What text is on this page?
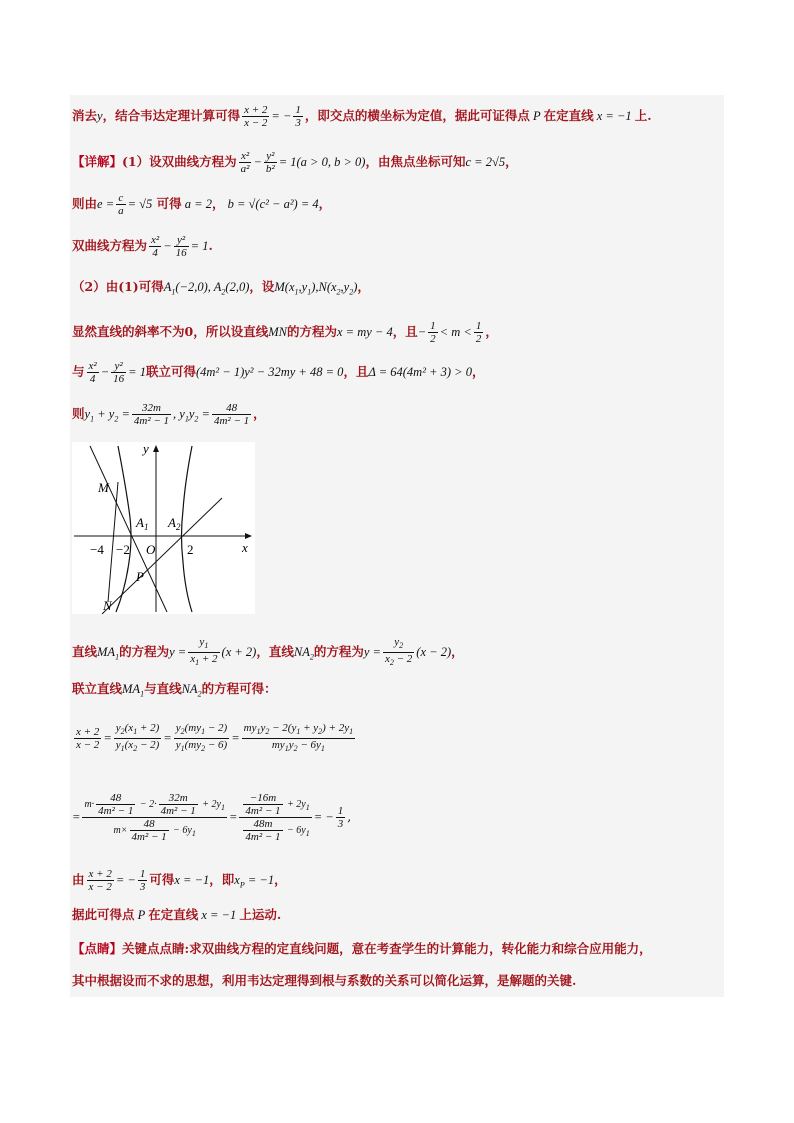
消去y，结合韦达定理计算可得 $\frac{x + 2}{x - 2}$ = − $\frac{1}{3}$ ，即交点的横坐标为定值，据此可证得点 P 在定直线 x = −1 上.
【详解】(1）设双曲线方程为 $\frac{\text{x²}}{\text{a²}} - \frac{\text{y²}}{\text{b²}} = 1(a > 0$, b > 0)，由焦点坐标可知c = 2√5，
则由$e = \frac{c}{a} = √5$ 可得 a = 2， b = √(c² − a²) = 4，
双曲线方程为 $\frac{\text{x²}}{4} - \frac{\text{y²}}{16} = 1$.
（2）由(1)可得$A_1(-2,0)$, $A_2(2,0)$，设$M(x_1,y_1),N(x_2,y_2)$，
显然直线的斜率不为0，所以设直线MN的方程为x = my − 4，且− $\frac{1}{2} < m < \frac{1}{2}$ ，
与 $\frac{\text{x²}}{4} - \frac{\text{y²}}{16} = 1$联立可得(4m² − 1)y² − 32my + 48 = 0，且Δ = 64(4m² + 3) > 0，
则$y_1 + y_2 = \frac{32m}{\text{4m² − 1}}$ , $y_1y_2 = \frac{48}{\text{4m² − 1}}$ ，
y
x
O
M
N
P
$A_1$ $A_2$
−4 −2	2
直线$MA_1$的方程为$y = \frac{y_1}{x_1 + 2} (x + 2)$，直线$NA_2$的方程为$y = \frac{y_2}{x_2 - 2} (x - 2)$，
联立直线$MA_1$与直线$NA_2$的方程可得：
$\frac{x + 2}{x - 2} = \frac{y_2(x_1 + 2)}{y_1(x_2 - 2)} = \frac{y_2(my_1 - 2)}{y_1(my_2 - 6)} = \frac{my_1y_2 - 2(y_1 + y_2) + 2y_1}{my_1y_2 - 6y_1}$
= $\frac{m\cdot \frac{48}{\text{4m² − 1}} - 2\cdot \frac{32m}{\text{4m² − 1}} + 2y_1}{m\times \frac{48}{\text{4m² − 1}} - 6y_1} = \frac{\frac{-16m}{\text{4m² − 1}} + 2y_1}{\frac{48m}{\text{4m² − 1}} - 6y_1}$ = − $\frac{1}{3}$ ,
由 $\frac{x + 2}{x - 2}$ = − $\frac{1}{3}$ 可得x = −1，即$x_P = -1$，
据此可得点 P 在定直线 x = −1 上运动.
【点睛】关键点点睛:求双曲线方程的定直线问题，意在考查学生的计算能力，转化能力和综合应用能力，
其中根据设而不求的思想，利用韦达定理得到根与系数的关系可以简化运算，是解题的关键.
